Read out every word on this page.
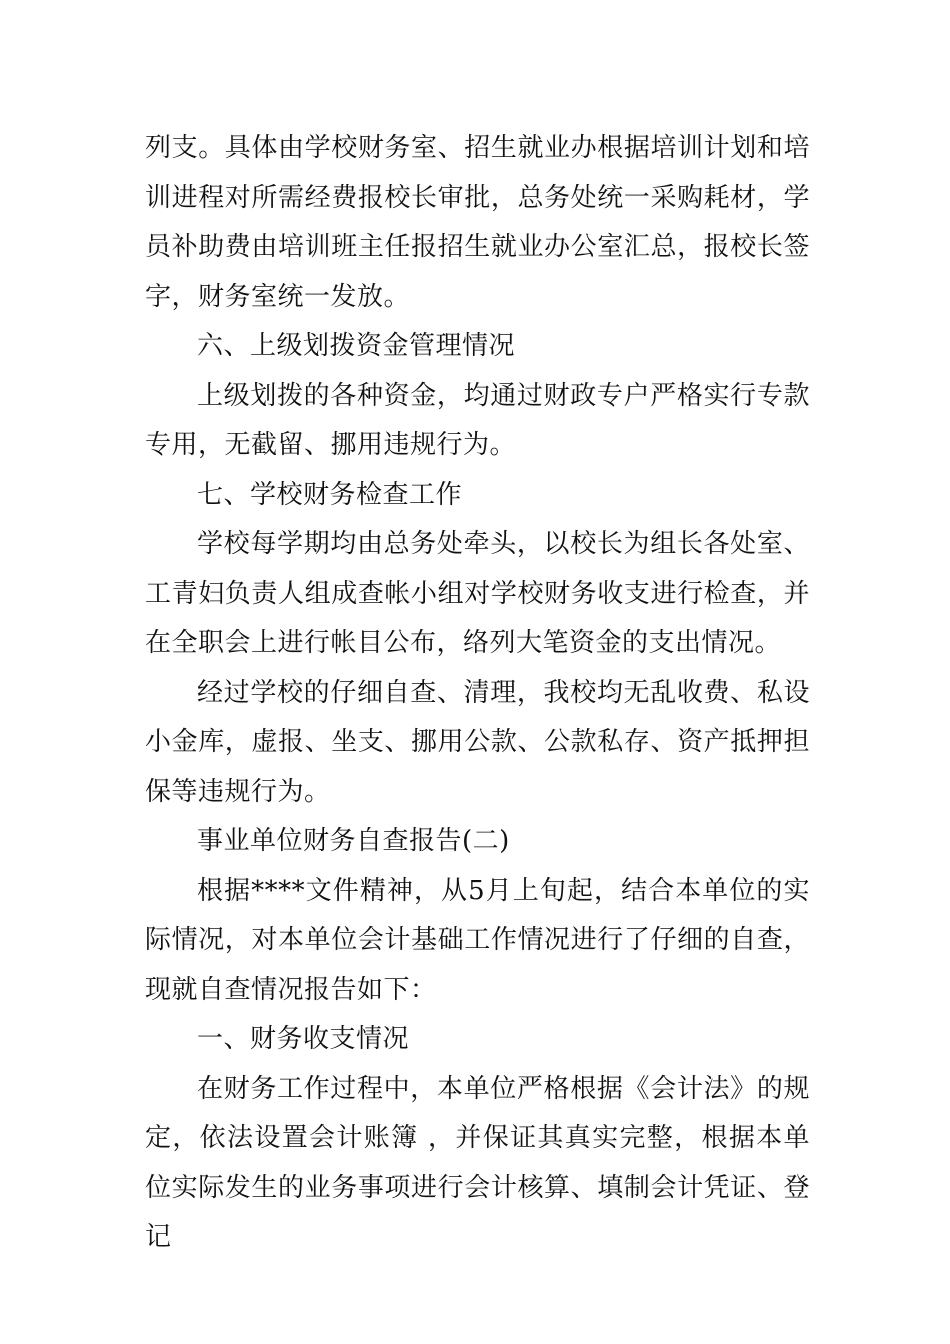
列支。具体由学校财务室、招生就业办根据培训计划和培训进程对所需经费报校长审批，总务处统一采购耗材，学员补助费由培训班主任报招生就业办公室汇总，报校长签字，财务室统一发放。

六、上级划拨资金管理情况

上级划拨的各种资金，均通过财政专户严格实行专款专用，无截留、挪用违规行为。

七、学校财务检查工作

学校每学期均由总务处牵头，以校长为组长各处室、工青妇负责人组成查帐小组对学校财务收支进行检查，并在全职会上进行帐目公布，络列大笔资金的支出情况。

经过学校的仔细自查、清理，我校均无乱收费、私设小金库，虚报、坐支、挪用公款、公款私存、资产抵押担保等违规行为。

事业单位财务自查报告(二)

根据****文件精神，从5月上旬起，结合本单位的实际情况，对本单位会计基础工作情况进行了仔细的自查，现就自查情况报告如下：

一、财务收支情况

在财务工作过程中，本单位严格根据《会计法》的规定，依法设置会计账簿 ，并保证其真实完整，根据本单位实际发生的业务事项进行会计核算、填制会计凭证、登记
